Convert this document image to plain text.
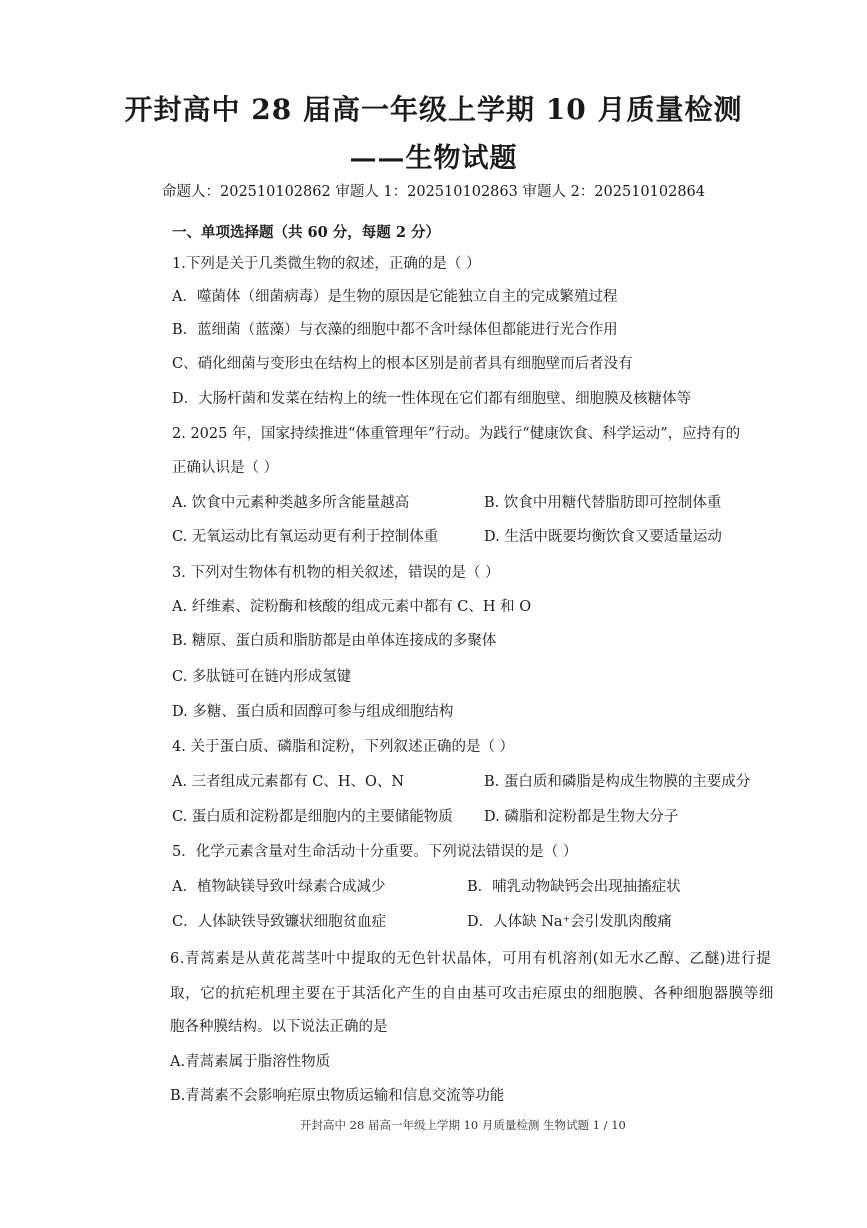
开封高中 28 届高一年级上学期 10 月质量检测
——生物试题
命题人：202510102862 审题人 1：202510102863 审题人 2：202510102864
一、单项选择题（共 60 分，每题 2 分）
1.下列是关于几类微生物的叙述，正确的是（ ）
A．噬菌体（细菌病毒）是生物的原因是它能独立自主的完成繁殖过程
B．蓝细菌（蓝藻）与衣藻的细胞中都不含叶绿体但都能进行光合作用
C、硝化细菌与变形虫在结构上的根本区别是前者具有细胞壁而后者没有
D．大肠杆菌和发菜在结构上的统一性体现在它们都有细胞壁、细胞膜及核糖体等
2. 2025 年，国家持续推进“体重管理年”行动。为践行“健康饮食、科学运动”，应持有的
正确认识是（ ）
A. 饮食中元素种类越多所含能量越高	B. 饮食中用糖代替脂肪即可控制体重
C. 无氧运动比有氧运动更有利于控制体重	D. 生活中既要均衡饮食又要适量运动
3. 下列对生物体有机物的相关叙述，错误的是（ ）
A. 纤维素、淀粉酶和核酸的组成元素中都有 C、H 和 O
B. 糖原、蛋白质和脂肪都是由单体连接成的多聚体
C. 多肽链可在链内形成氢键
D. 多糖、蛋白质和固醇可参与组成细胞结构
4. 关于蛋白质、磷脂和淀粉，下列叙述正确的是（ ）
A. 三者组成元素都有 C、H、O、N	B. 蛋白质和磷脂是构成生物膜的主要成分
C. 蛋白质和淀粉都是细胞内的主要储能物质 D. 磷脂和淀粉都是生物大分子
5．化学元素含量对生命活动十分重要。下列说法错误的是（ ）
A．植物缺镁导致叶绿素合成减少	B．哺乳动物缺钙会出现抽搐症状
C．人体缺铁导致镰状细胞贫血症	D．人体缺 Na⁺会引发肌肉酸痛
6.青蒿素是从黄花蒿茎叶中提取的无色针状晶体，可用有机溶剂(如无水乙醇、乙醚)进行提
取，它的抗疟机理主要在于其活化产生的自由基可攻击疟原虫的细胞膜、各种细胞器膜等细
胞各种膜结构。以下说法正确的是
A.青蒿素属于脂溶性物质
B.青蒿素不会影响疟原虫物质运输和信息交流等功能
开封高中 28 届高一年级上学期 10 月质量检测 生物试题 1 / 10
